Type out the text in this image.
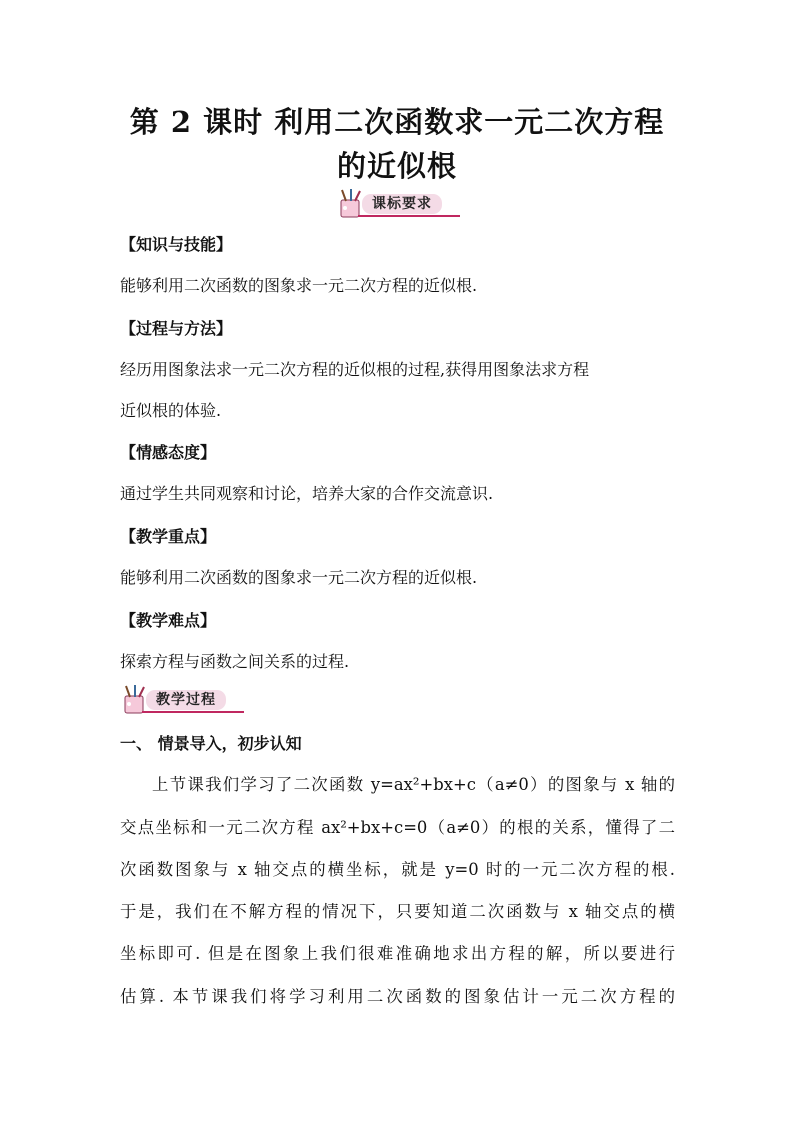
第 2 课时 利用二次函数求一元二次方程
的近似根
课标要求
【知识与技能】
能够利用二次函数的图象求一元二次方程的近似根.
【过程与方法】
经历用图象法求一元二次方程的近似根的过程,获得用图象法求方程
近似根的体验.
【情感态度】
通过学生共同观察和讨论，培养大家的合作交流意识.
【教学重点】
能够利用二次函数的图象求一元二次方程的近似根.
【教学难点】
探索方程与函数之间关系的过程.
教学过程
一、 情景导入，初步认知
上节课我们学习了二次函数 y=ax²+bx+c（a≠0）的图象与 x 轴的
交点坐标和一元二次方程 ax²+bx+c=0（a≠0）的根的关系，懂得了二
次函数图象与 x 轴交点的横坐标，就是 y=0 时的一元二次方程的根.
于是，我们在不解方程的情况下，只要知道二次函数与 x 轴交点的横
坐标即可. 但是在图象上我们很难准确地求出方程的解，所以要进行
估算. 本节课我们将学习利用二次函数的图象估计一元二次方程的
